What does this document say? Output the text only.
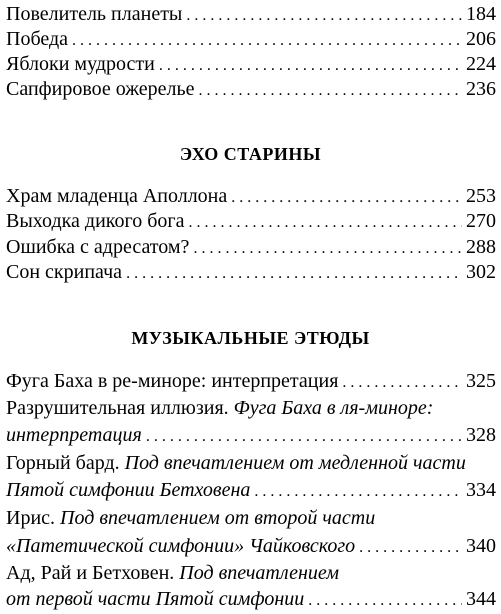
Повелитель планеты . . .	184
Победа . . .	206
Яблоки мудрости . . .	224
Сапфировое ожерелье . . .	236
ЭХО СТАРИНЫ
Храм младенца Аполлона . . .	253
Выходка дикого бога . . .	270
Ошибка с адресатом? . . .	288
Сон скрипача . . .	302
МУЗЫКАЛЬНЫЕ ЭТЮДЫ
Фуга Баха в ре-миноре: интерпретация . . .	325
Разрушительная иллюзия. Фуга Баха в ля-миноре:
интерпретация . . .	328
Горный бард. Под впечатлением от медленной части
Пятой симфонии Бетховена . . .	334
Ирис. Под впечатлением от второй части
«Патетической симфонии» Чайковского . . .	340
Ад, Рай и Бетховен. Под впечатлением
от первой части Пятой симфонии . . .	344
